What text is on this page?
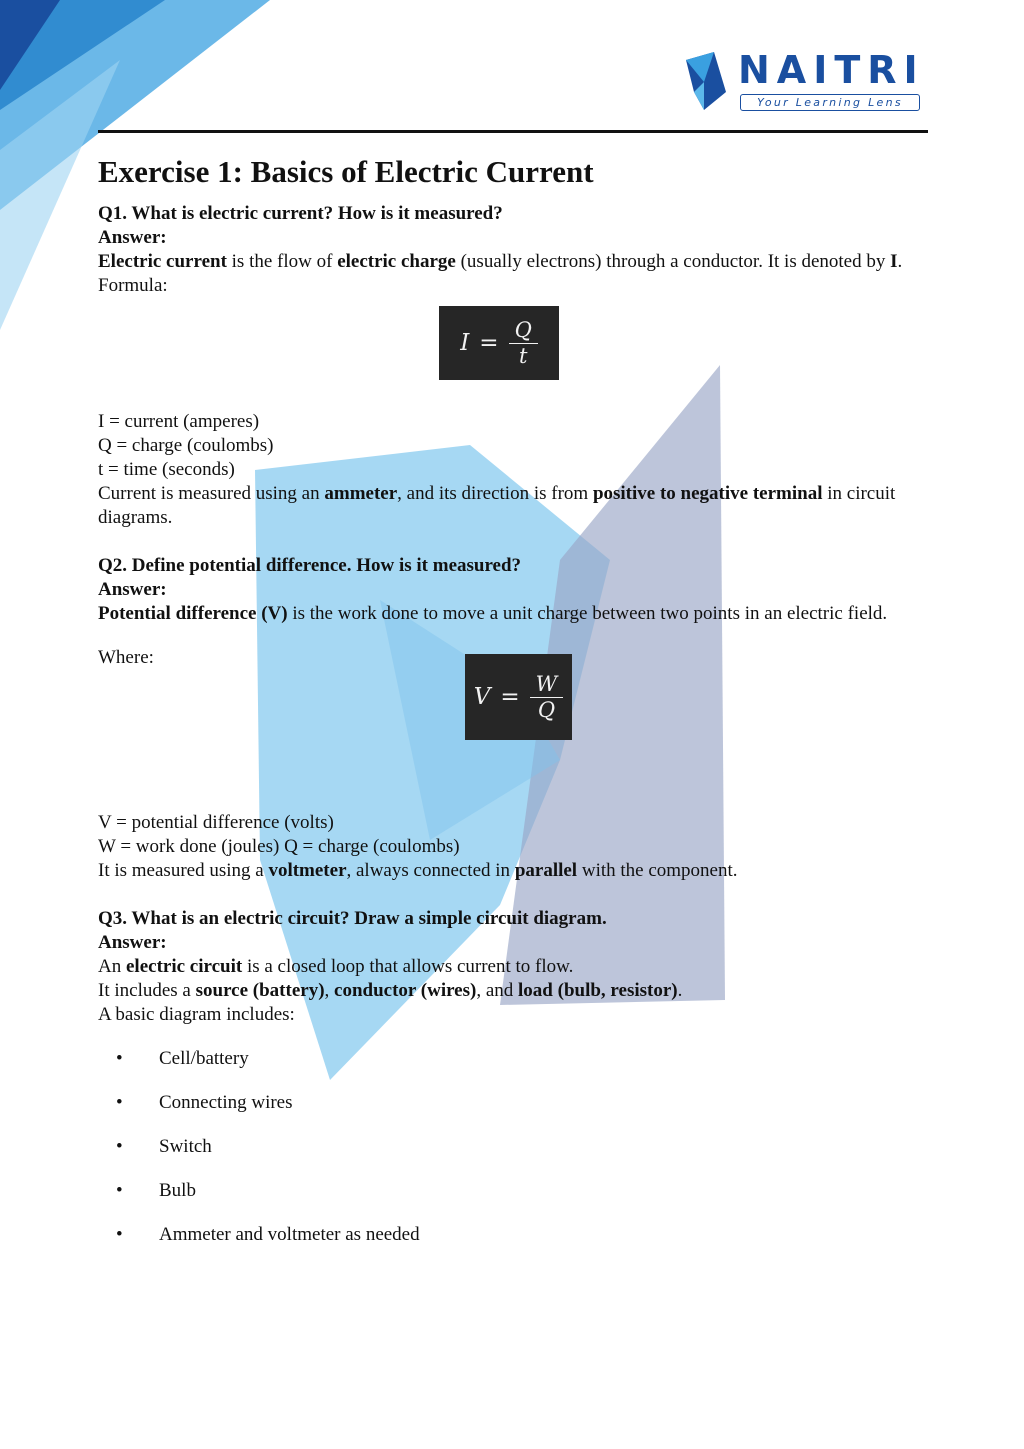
NAITRI
Your Learning Lens
Exercise 1: Basics of Electric Current

Q1. What is electric current? How is it measured?

Answer:

Electric current is the flow of electric charge (usually electrons) through a conductor. It is denoted by I.

Formula:

$I = \frac{Q}{t}$

I = current (amperes)

Q = charge (coulombs)

t = time (seconds)

Current is measured using an ammeter, and its direction is from positive to negative terminal in circuit diagrams.

Q2. Define potential difference. How is it measured?

Answer:

Potential difference (V) is the work done to move a unit charge between two points in an electric field.

Where:

$V = \frac{W}{Q}$

V = potential difference (volts)

W = work done (joules) Q = charge (coulombs)

It is measured using a voltmeter, always connected in parallel with the component.

Q3. What is an electric circuit? Draw a simple circuit diagram.

Answer:

An electric circuit is a closed loop that allows current to flow.

It includes a source (battery), conductor (wires), and load (bulb, resistor).

A basic diagram includes:

• Cell/battery
• Connecting wires
• Switch
• Bulb
• Ammeter and voltmeter as needed
